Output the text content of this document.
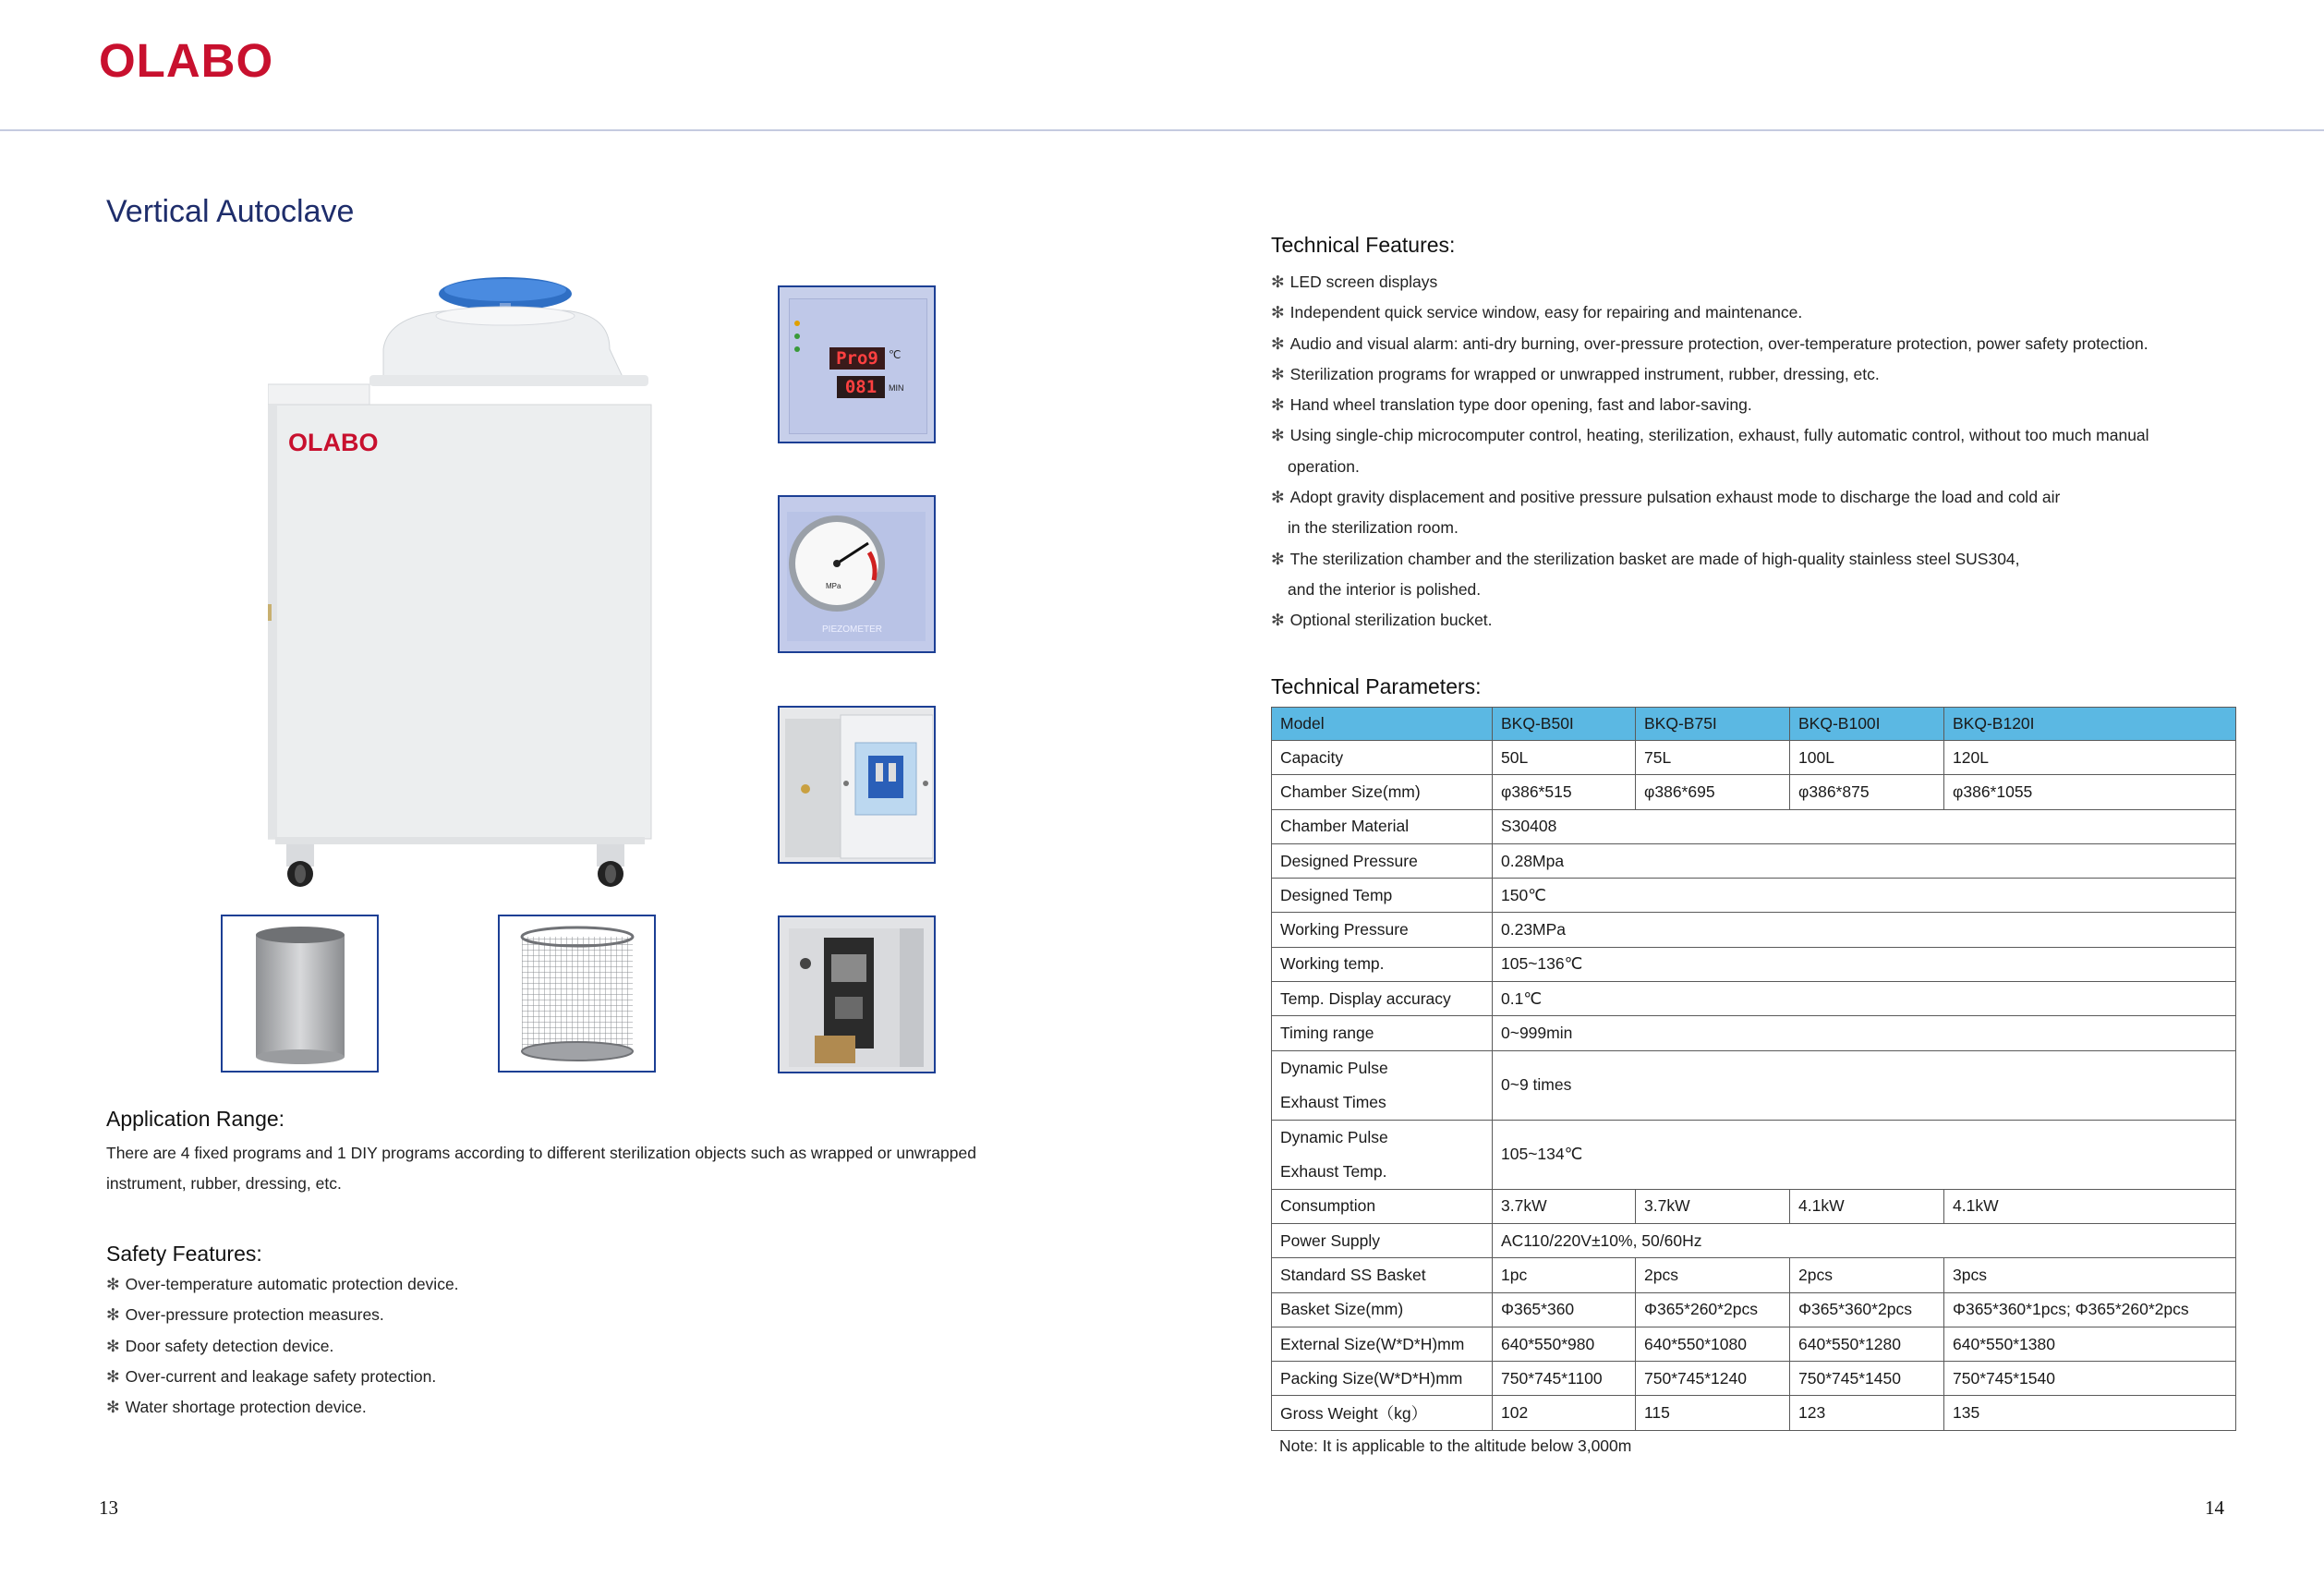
OLABO
Vertical Autoclave
OLABO
Pro9 ℃
081	MIN
MPa
PIEZOMETER
Application Range:
There are 4 fixed programs and 1 DIY programs according to different sterilization objects such as wrapped or unwrapped
instrument, rubber, dressing, etc.
Safety Features:
✻ Over-temperature automatic protection device.
✻ Over-pressure protection measures.
✻ Door safety detection device.
✻ Over-current and leakage safety protection.
✻ Water shortage protection device.
13
Technical Features:
✻ LED screen displays
✻ Independent quick service window, easy for repairing and maintenance.
✻ Audio and visual alarm: anti-dry burning, over-pressure protection, over-temperature protection, power safety protection.
✻ Sterilization programs for wrapped or unwrapped instrument, rubber, dressing, etc.
✻ Hand wheel translation type door opening, fast and labor-saving.
✻ Using single-chip microcomputer control, heating, sterilization, exhaust, fully automatic control, without too much manual
operation.
✻ Adopt gravity displacement and positive pressure pulsation exhaust mode to discharge the load and cold air
in the sterilization room.
✻ The sterilization chamber and the sterilization basket are made of high-quality stainless steel SUS304,
and the interior is polished.
✻ Optional sterilization bucket.
Technical Parameters:
Model	BKQ-B50I	BKQ-B75I	BKQ-B100I	BKQ-B120I
Capacity	50L	75L	100L	120L
Chamber Size(mm)	φ386*515	φ386*695	φ386*875	φ386*1055
Chamber Material	S30408			
Designed Pressure	0.28Mpa			
Designed Temp	150℃			
Working Pressure	0.23MPa			
Working temp.	105~136℃			
Temp. Display accuracy	0.1℃			
Timing range	0~999min			

Dynamic Pulse
Exhaust Times	0~9 times			

Dynamic Pulse
Exhaust Temp.	105~134℃			
Consumption	3.7kW	3.7kW	4.1kW	4.1kW
Power Supply	AC110/220V±10%, 50/60Hz			
Standard SS Basket	1pc	2pcs	2pcs	3pcs
Basket Size(mm)	Φ365*360	Φ365*260*2pcs	Φ365*360*2pcs	Φ365*360*1pcs; Φ365*260*2pcs
External Size(W*D*H)mm	640*550*980	640*550*1080	640*550*1280	640*550*1380
Packing Size(W*D*H)mm	750*745*1100	750*745*1240	750*745*1450	750*745*1540
Gross Weight（kg）	102	115	123	135
Note: It is applicable to the altitude below 3,000m
14
